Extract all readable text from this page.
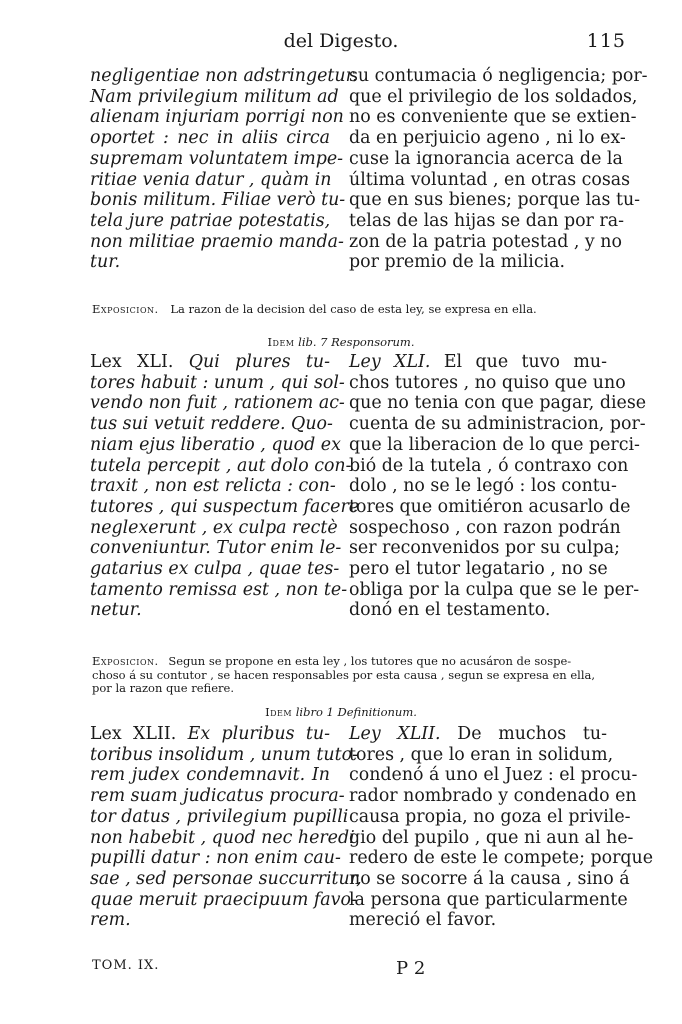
del Digesto.	115
negligentiae non adstringetur.
Nam privilegium militum ad
alienam injuriam porrigi non
oportet : nec in aliis circa
supremam voluntatem impe-
ritiae venia datur , quàm in
bonis militum. Filiae verò tu-
tela jure patriae potestatis,
non militiae praemio manda-
tur.
su contumacia ó negligencia; por-
que el privilegio de los soldados,
no es conveniente que se extien-
da en perjuicio ageno , ni lo ex-
cuse la ignorancia acerca de la
última voluntad , en otras cosas
que en sus bienes; porque las tu-
telas de las hijas se dan por ra-
zon de la patria potestad , y no
por premio de la milicia.
Exposicion. La razon de la decision del caso de esta ley, se expresa en ella.
Idem lib. 7 Responsorum.
Lex XLI. Qui plures tu-
tores habuit : unum , qui sol-
vendo non fuit , rationem ac-
tus sui vetuit reddere. Quo-
niam ejus liberatio , quod ex
tutela percepit , aut dolo con-
traxit , non est relicta : con-
tutores , qui suspectum facere
neglexerunt , ex culpa rectè
conveniuntur. Tutor enim le-
gatarius ex culpa , quae tes-
tamento remissa est , non te-
netur.
Ley XLI. El que tuvo mu-
chos tutores , no quiso que uno
que no tenia con que pagar, diese
cuenta de su administracion, por-
que la liberacion de lo que perci-
bió de la tutela , ó contraxo con
dolo , no se le legó : los contu-
tores que omitiéron acusarlo de
sospechoso , con razon podrán
ser reconvenidos por su culpa;
pero el tutor legatario , no se
obliga por la culpa que se le per-
donó en el testamento.
Exposicion. Segun se propone en esta ley , los tutores que no acusáron de sospe-
choso á su contutor , se hacen responsables por esta causa , segun se expresa en ella,
por la razon que refiere.
Idem libro 1 Definitionum.
Lex XLII. Ex pluribus tu-
toribus insolidum , unum tuto-
rem judex condemnavit. In
rem suam judicatus procura-
tor datus , privilegium pupilli
non habebit , quod nec heredi
pupilli datur : non enim cau-
sae , sed personae succurritur,
quae meruit praecipuum favo-
rem.
Ley XLII. De muchos tu-
tores , que lo eran in solidum,
condenó á uno el Juez : el procu-
rador nombrado y condenado en
causa propia, no goza el privile-
gio del pupilo , que ni aun al he-
redero de este le compete; porque
no se socorre á la causa , sino á
la persona que particularmente
mereció el favor.
TOM. IX.	P 2
